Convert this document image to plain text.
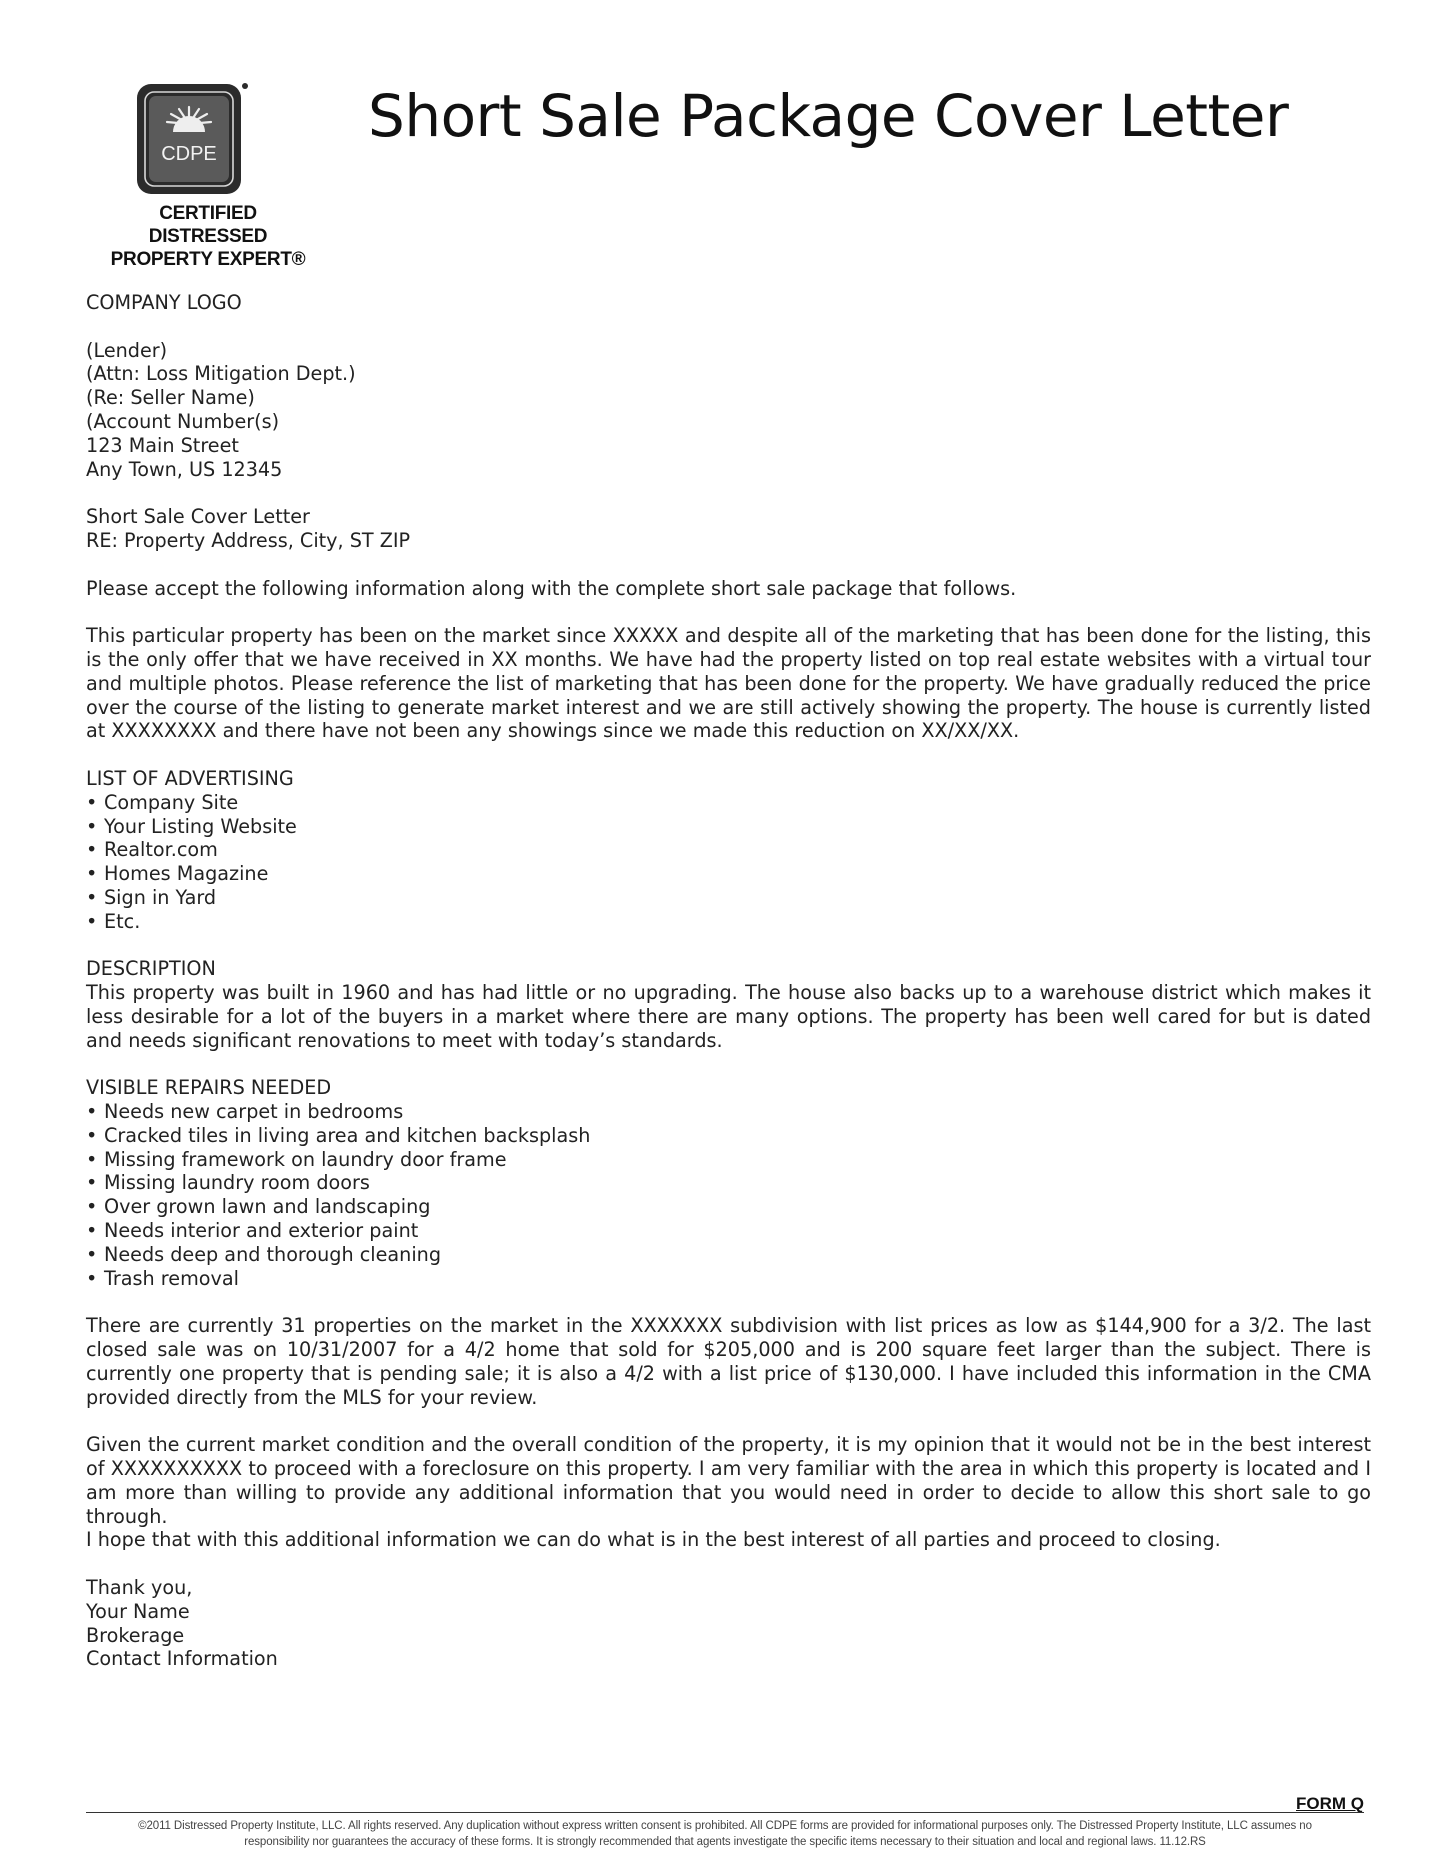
CDPE
CERTIFIED DISTRESSED
PROPERTY EXPERT®
Short Sale Package Cover Letter

COMPANY LOGO

(Lender)

(Attn: Loss Mitigation Dept.)

(Re: Seller Name)

(Account Number(s)

123 Main Street

Any Town, US 12345

Short Sale Cover Letter

RE: Property Address, City, ST ZIP

Please accept the following information along with the complete short sale package that follows.

This particular property has been on the market since XXXXX and despite all of the marketing that has been done for the listing, this is the only offer that we have received in XX months. We have had the property listed on top real estate websites with a virtual tour and multiple photos. Please reference the list of marketing that has been done for the property. We have gradually reduced the price over the course of the listing to generate market interest and we are still actively showing the property. The house is currently listed at XXXXXXXX and there have not been any showings since we made this reduction on XX/XX/XX.

LIST OF ADVERTISING

• Company Site
• Your Listing Website
• Realtor.com
• Homes Magazine
• Sign in Yard
• Etc.

DESCRIPTION

This property was built in 1960 and has had little or no upgrading. The house also backs up to a warehouse district which makes it less desirable for a lot of the buyers in a market where there are many options. The property has been well cared for but is dated and needs significant renovations to meet with today’s standards.

VISIBLE REPAIRS NEEDED

• Needs new carpet in bedrooms
• Cracked tiles in living area and kitchen backsplash
• Missing framework on laundry door frame
• Missing laundry room doors
• Over grown lawn and landscaping
• Needs interior and exterior paint
• Needs deep and thorough cleaning
• Trash removal

There are currently 31 properties on the market in the XXXXXXX subdivision with list prices as low as $144,900 for a 3/2. The last closed sale was on 10/31/2007 for a 4/2 home that sold for $205,000 and is 200 square feet larger than the subject. There is currently one property that is pending sale; it is also a 4/2 with a list price of $130,000. I have included this information in the CMA provided directly from the MLS for your review.

Given the current market condition and the overall condition of the property, it is my opinion that it would not be in the best interest of XXXXXXXXXX to proceed with a foreclosure on this property. I am very familiar with the area in which this property is located and I am more than willing to provide any additional information that you would need in order to decide to allow this short sale to go through.

I hope that with this additional information we can do what is in the best interest of all parties and proceed to closing.

Thank you,

Your Name

Brokerage

Contact Information

FORM Q
©2011 Distressed Property Institute, LLC. All rights reserved. Any duplication without express written consent is prohibited. All CDPE forms are provided for informational purposes only. The Distressed Property Institute, LLC assumes no
responsibility nor guarantees the accuracy of these forms. It is strongly recommended that agents investigate the specific items necessary to their situation and local and regional laws. 11.12.RS
